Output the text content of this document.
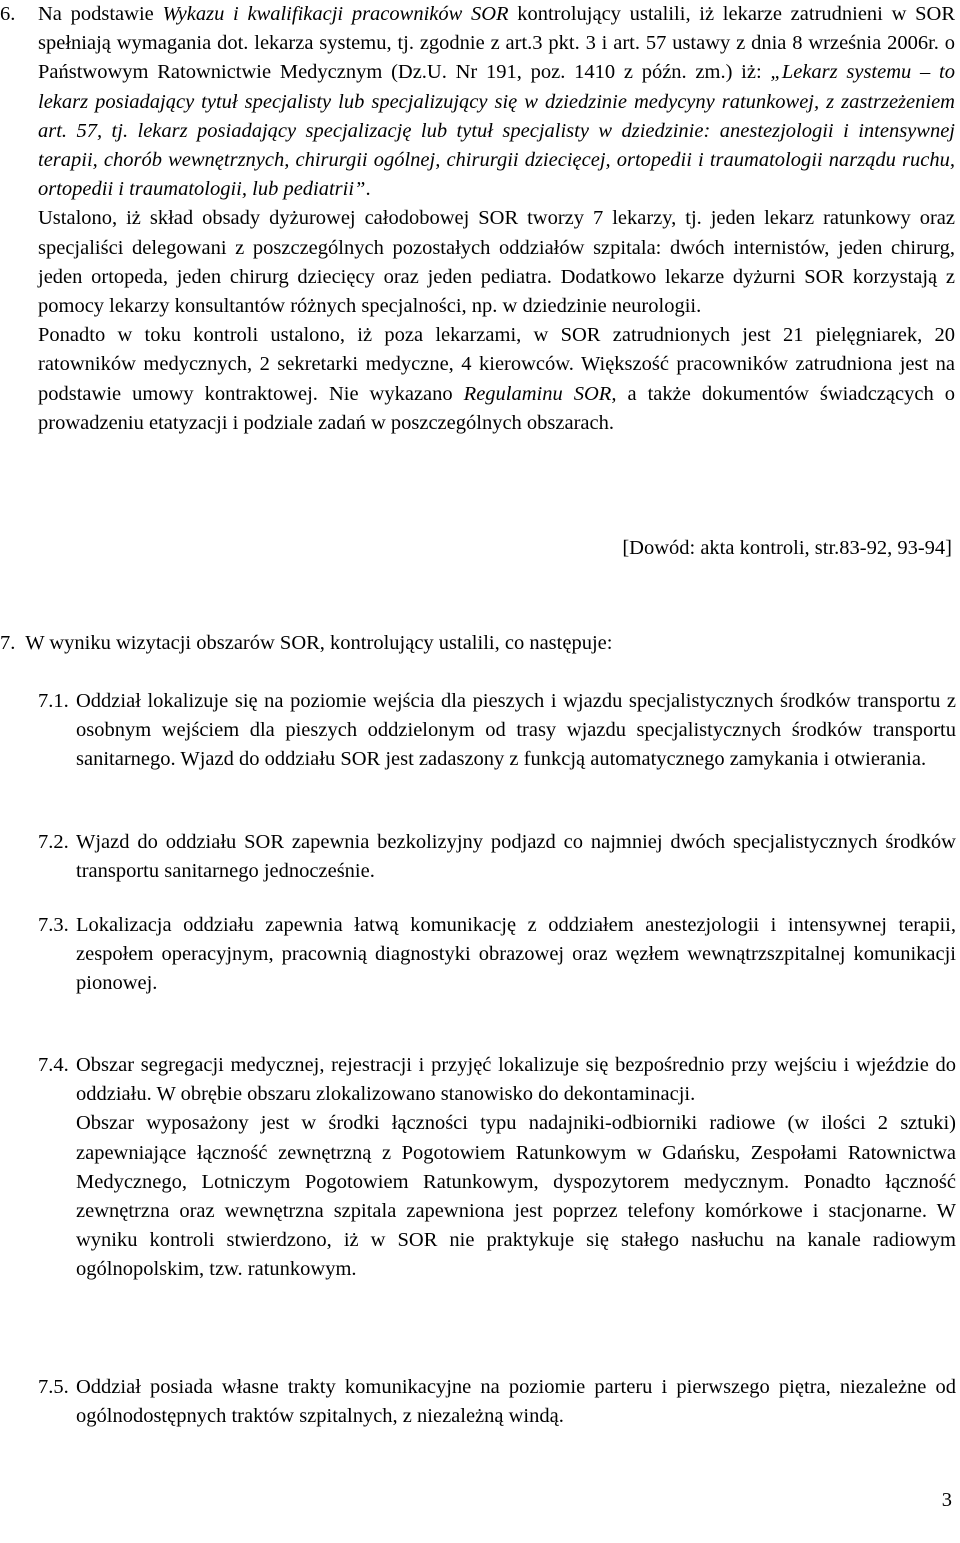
6. Na podstawie Wykazu i kwalifikacji pracowników SOR kontrolujący ustalili, iż lekarze zatrudnieni w SOR spełniają wymagania dot. lekarza systemu, tj. zgodnie z art.3 pkt. 3 i art. 57 ustawy z dnia 8 września 2006r. o Państwowym Ratownictwie Medycznym (Dz.U. Nr 191, poz. 1410 z późn. zm.) iż: „Lekarz systemu – to lekarz posiadający tytuł specjalisty lub specjalizujący się w dziedzinie medycyny ratunkowej, z zastrzeżeniem art. 57, tj. lekarz posiadający specjalizację lub tytuł specjalisty w dziedzinie: anestezjologii i intensywnej terapii, chorób wewnętrznych, chirurgii ogólnej, chirurgii dziecięcej, ortopedii i traumatologii narządu ruchu, ortopedii i traumatologii, lub pediatrii”.

Ustalono, iż skład obsady dyżurowej całodobowej SOR tworzy 7 lekarzy, tj. jeden lekarz ratunkowy oraz specjaliści delegowani z poszczególnych pozostałych oddziałów szpitala: dwóch internistów, jeden chirurg, jeden ortopeda, jeden chirurg dziecięcy oraz jeden pediatra. Dodatkowo lekarze dyżurni SOR korzystają z pomocy lekarzy konsultantów różnych specjalności, np. w dziedzinie neurologii.

Ponadto w toku kontroli ustalono, iż poza lekarzami, w SOR zatrudnionych jest 21 pielęgniarek, 20 ratowników medycznych, 2 sekretarki medyczne, 4 kierowców. Większość pracowników zatrudniona jest na podstawie umowy kontraktowej. Nie wykazano Regulaminu SOR, a także dokumentów świadczących o prowadzeniu etatyzacji i podziale zadań w poszczególnych obszarach.

[Dowód: akta kontroli, str.83-92, 93-94]

7.  W wyniku wizytacji obszarów SOR, kontrolujący ustalili, co następuje:

7.1. Oddział lokalizuje się na poziomie wejścia dla pieszych i wjazdu specjalistycznych środków transportu z osobnym wejściem dla pieszych oddzielonym od trasy wjazdu specjalistycznych środków transportu sanitarnego. Wjazd do oddziału SOR jest zadaszony z funkcją automatycznego zamykania i otwierania.

7.2. Wjazd do oddziału SOR zapewnia bezkolizyjny podjazd co najmniej dwóch specjalistycznych środków transportu sanitarnego jednocześnie.

7.3. Lokalizacja oddziału zapewnia łatwą komunikację z oddziałem anestezjologii i intensywnej terapii, zespołem operacyjnym, pracownią diagnostyki obrazowej oraz węzłem wewnątrzszpitalnej komunikacji pionowej.

7.4. Obszar segregacji medycznej, rejestracji i przyjęć lokalizuje się bezpośrednio przy wejściu i wjeździe do oddziału. W obrębie obszaru zlokalizowano stanowisko do dekontaminacji.

Obszar wyposażony jest w środki łączności typu nadajniki-odbiorniki radiowe (w ilości 2 sztuki) zapewniające łączność zewnętrzną z Pogotowiem Ratunkowym w Gdańsku, Zespołami Ratownictwa Medycznego, Lotniczym Pogotowiem Ratunkowym, dyspozytorem medycznym. Ponadto łączność zewnętrzna oraz wewnętrzna szpitala zapewniona jest poprzez telefony komórkowe i stacjonarne. W wyniku kontroli stwierdzono, iż w SOR nie praktykuje się stałego nasłuchu na kanale radiowym ogólnopolskim, tzw. ratunkowym.

7.5. Oddział posiada własne trakty komunikacyjne na poziomie parteru i pierwszego piętra, niezależne od ogólnodostępnych traktów szpitalnych, z niezależną windą.

3
